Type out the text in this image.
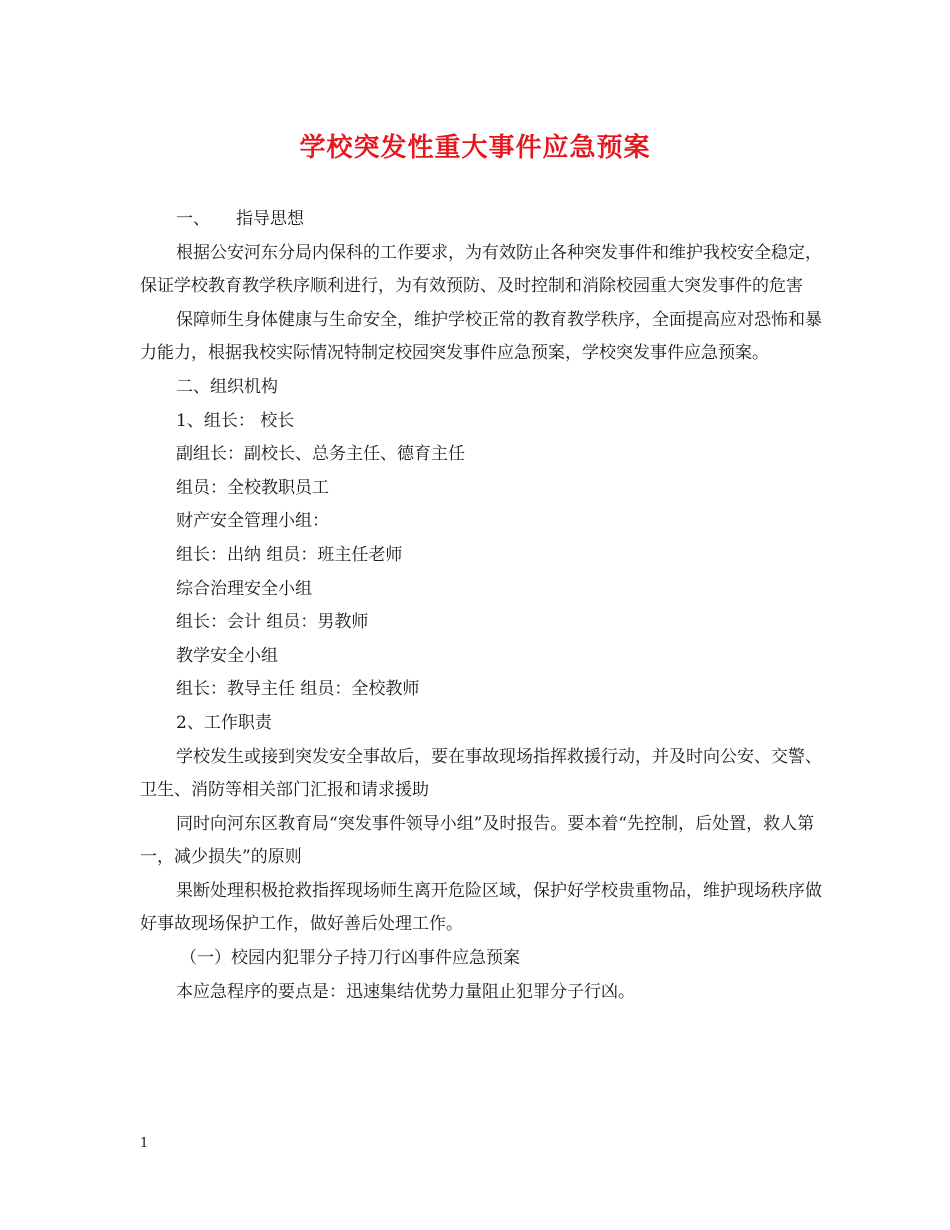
学校突发性重大事件应急预案

一、 指导思想

根据公安河东分局内保科的工作要求，为有效防止各种突发事件和维护我校安全稳定，保证学校教育教学秩序顺利进行，为有效预防、及时控制和消除校园重大突发事件的危害

保障师生身体健康与生命安全，维护学校正常的教育教学秩序，全面提高应对恐怖和暴力能力，根据我校实际情况特制定校园突发事件应急预案，学校突发事件应急预案。

二、组织机构

1、组长： 校长

副组长：副校长、总务主任、德育主任

组员：全校教职员工

财产安全管理小组：

组长：出纳 组员：班主任老师

综合治理安全小组

组长：会计 组员：男教师

教学安全小组

组长：教导主任 组员：全校教师

2、工作职责

学校发生或接到突发安全事故后，要在事故现场指挥救援行动，并及时向公安、交警、卫生、消防等相关部门汇报和请求援助

同时向河东区教育局“突发事件领导小组”及时报告。要本着“先控制，后处置，救人第一，减少损失”的原则

果断处理积极抢救指挥现场师生离开危险区域，保护好学校贵重物品，维护现场秩序做好事故现场保护工作，做好善后处理工作。

（一）校园内犯罪分子持刀行凶事件应急预案

本应急程序的要点是：迅速集结优势力量阻止犯罪分子行凶。

1
